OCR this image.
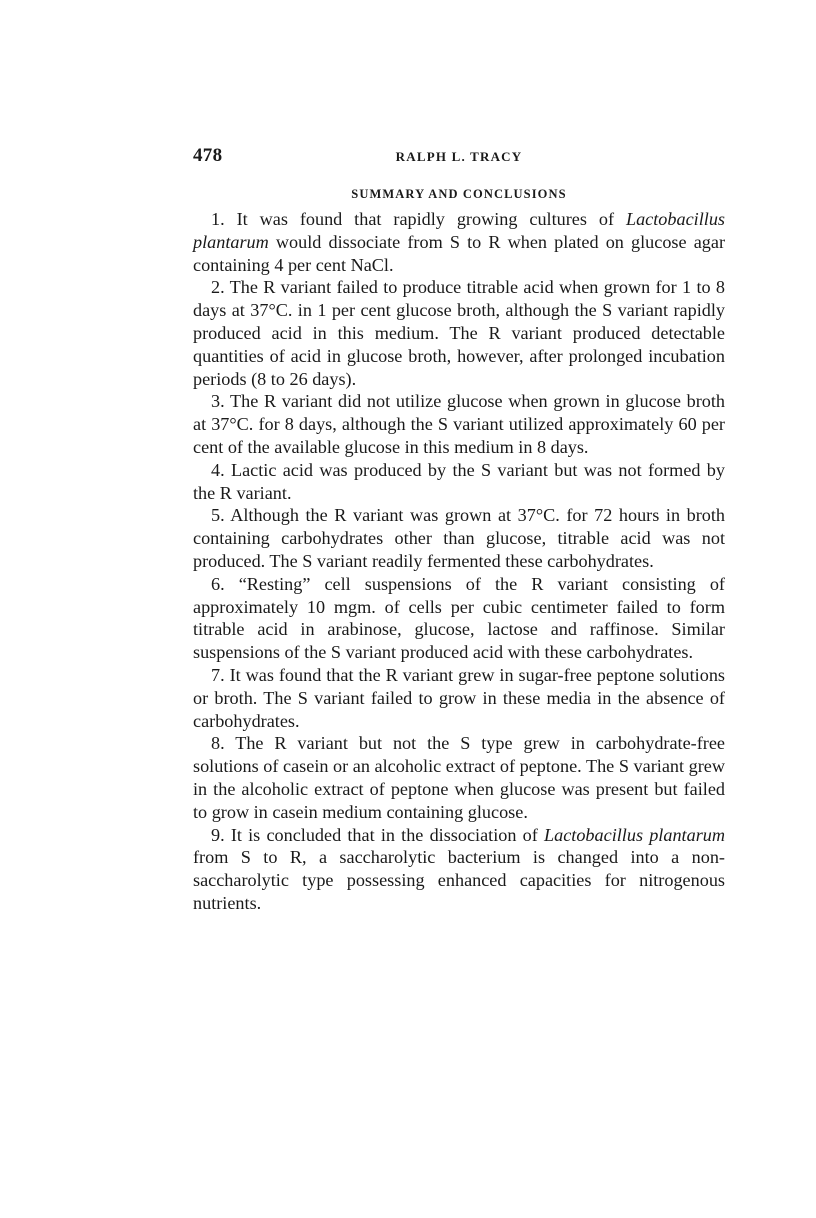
478	RALPH L. TRACY
SUMMARY AND CONCLUSIONS

1. It was found that rapidly growing cultures of Lactobacillus plantarum would dissociate from S to R when plated on glucose agar containing 4 per cent NaCl.

2. The R variant failed to produce titrable acid when grown for 1 to 8 days at 37°C. in 1 per cent glucose broth, although the S variant rapidly produced acid in this medium. The R variant produced detectable quantities of acid in glucose broth, however, after prolonged incubation periods (8 to 26 days).

3. The R variant did not utilize glucose when grown in glucose broth at 37°C. for 8 days, although the S variant utilized approximately 60 per cent of the available glucose in this medium in 8 days.

4. Lactic acid was produced by the S variant but was not formed by the R variant.

5. Although the R variant was grown at 37°C. for 72 hours in broth containing carbohydrates other than glucose, titrable acid was not produced. The S variant readily fermented these carbohydrates.

6. “Resting” cell suspensions of the R variant consisting of approximately 10 mgm. of cells per cubic centimeter failed to form titrable acid in arabinose, glucose, lactose and raffinose. Similar suspensions of the S variant produced acid with these carbohydrates.

7. It was found that the R variant grew in sugar-free peptone solutions or broth. The S variant failed to grow in these media in the absence of carbohydrates.

8. The R variant but not the S type grew in carbohydrate-free solutions of casein or an alcoholic extract of peptone. The S variant grew in the alcoholic extract of peptone when glucose was present but failed to grow in casein medium containing glucose.

9. It is concluded that in the dissociation of Lactobacillus plantarum from S to R, a saccharolytic bacterium is changed into a non-saccharolytic type possessing enhanced capacities for nitrogenous nutrients.
